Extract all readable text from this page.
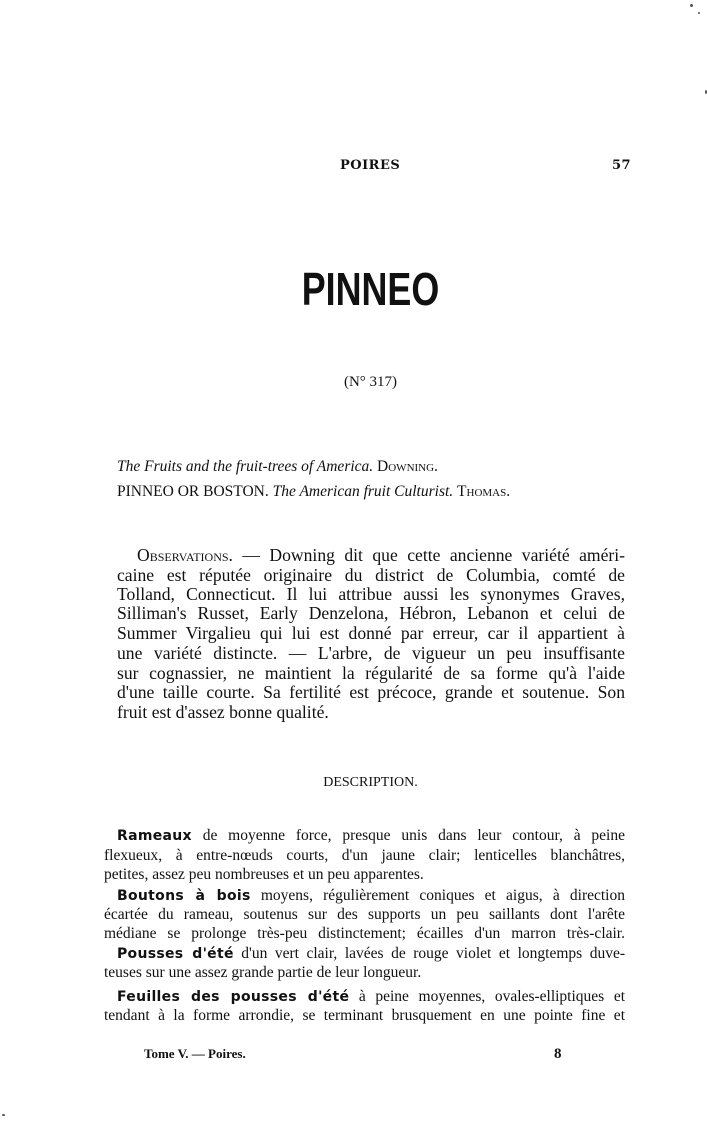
POIRES	57
PINNEO
(N° 317)
The Fruits and the fruit-trees of America. Downing.
PINNEO OR BOSTON. The American fruit Culturist. Thomas.
Observations. — Downing dit que cette ancienne variété améri-
caine est réputée originaire du district de Columbia, comté de
Tolland, Connecticut. Il lui attribue aussi les synonymes Graves,
Silliman's Russet, Early Denzelona, Hébron, Lebanon et celui de
Summer Virgalieu qui lui est donné par erreur, car il appartient à
une variété distincte. — L'arbre, de vigueur un peu insuffisante
sur cognassier, ne maintient la régularité de sa forme qu'à l'aide
d'une taille courte. Sa fertilité est précoce, grande et soutenue. Son
fruit est d'assez bonne qualité.
DESCRIPTION.
Rameaux de moyenne force, presque unis dans leur contour, à peine
flexueux, à entre-nœuds courts, d'un jaune clair; lenticelles blanchâtres,
petites, assez peu nombreuses et un peu apparentes.
Boutons à bois moyens, régulièrement coniques et aigus, à direction
écartée du rameau, soutenus sur des supports un peu saillants dont l'arête
médiane se prolonge très-peu distinctement; écailles d'un marron très-clair.
Pousses d'été d'un vert clair, lavées de rouge violet et longtemps duve-
teuses sur une assez grande partie de leur longueur.
Feuilles des pousses d'été à peine moyennes, ovales-elliptiques et
tendant à la forme arrondie, se terminant brusquement en une pointe fine et
Tome V. — Poires.	8
